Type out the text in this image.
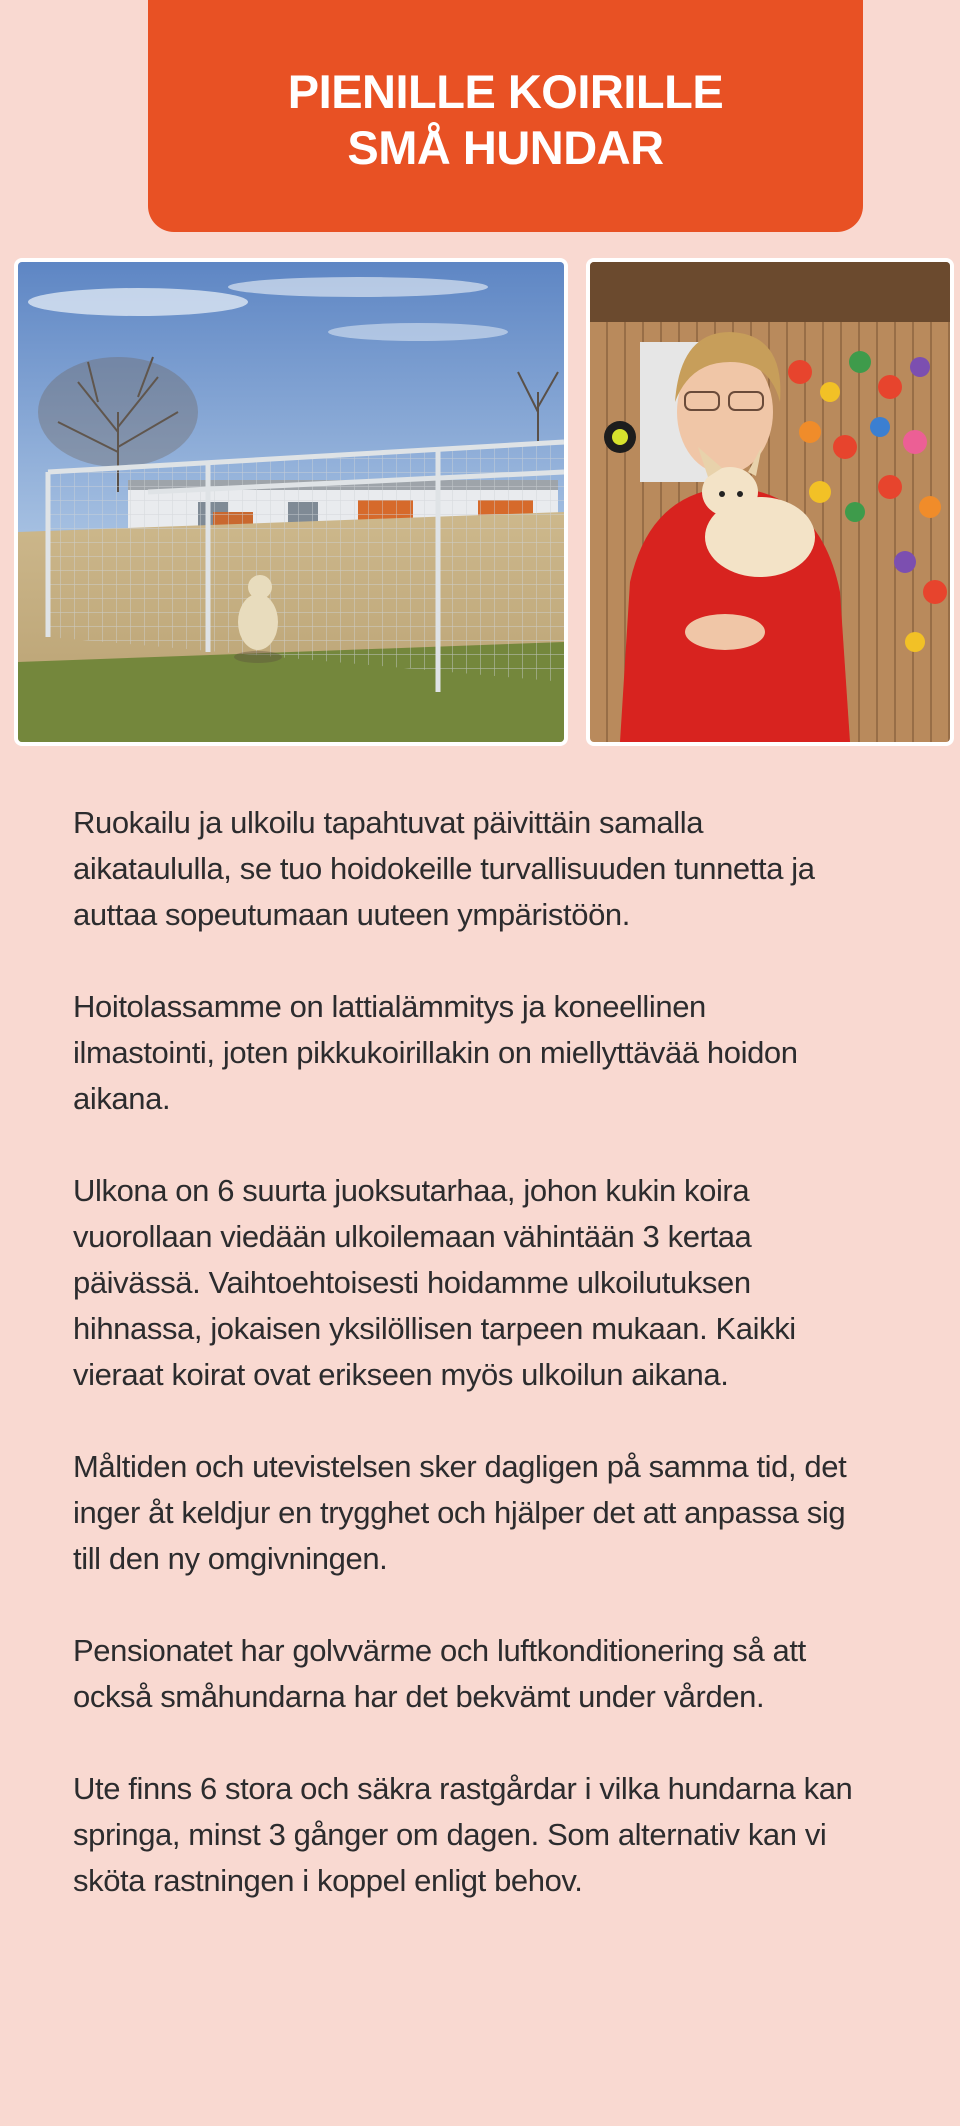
PIENILLE KOIRILLE
SMÅ HUNDAR

Ruokailu ja ulkoilu tapahtuvat päivittäin samalla
aikataululla, se tuo hoidokeille turvallisuuden tunnetta ja
auttaa sopeutumaan uuteen ympäristöön.

Hoitolassamme on lattialämmitys ja koneellinen
ilmastointi, joten pikkukoirillakin on miellyttävää hoidon
aikana.

Ulkona on 6 suurta juoksutarhaa, johon kukin koira
vuorollaan viedään ulkoilemaan vähintään 3 kertaa
päivässä. Vaihtoehtoisesti hoidamme ulkoilutuksen
hihnassa, jokaisen yksilöllisen tarpeen mukaan. Kaikki
vieraat koirat ovat erikseen myös ulkoilun aikana.

Måltiden och utevistelsen sker dagligen på samma tid, det
inger åt keldjur en trygghet och hjälper det att anpassa sig
till den ny omgivningen.

Pensionatet har golvvärme och luftkonditionering så att
också småhundarna har det bekvämt under vården.

Ute finns 6 stora och säkra rastgårdar i vilka hundarna kan
springa, minst 3 gånger om dagen. Som alternativ kan vi
sköta rastningen i koppel enligt behov.
